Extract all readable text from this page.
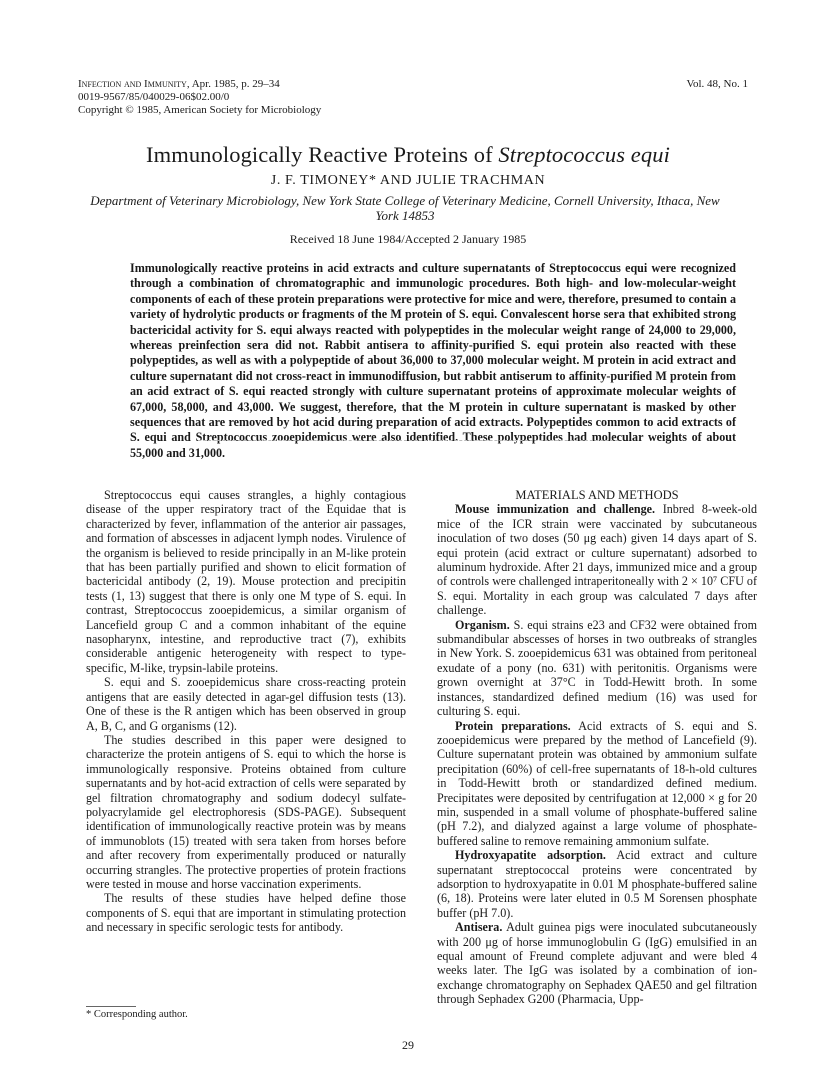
Infection and Immunity, Apr. 1985, p. 29–34
0019-9567/85/040029-06$02.00/0
Copyright © 1985, American Society for Microbiology
Vol. 48, No. 1
Immunologically Reactive Proteins of Streptococcus equi
J. F. TIMONEY* AND JULIE TRACHMAN
Department of Veterinary Microbiology, New York State College of Veterinary Medicine, Cornell University, Ithaca, New York 14853
Received 18 June 1984/Accepted 2 January 1985

Immunologically reactive proteins in acid extracts and culture supernatants of Streptococcus equi were recognized through a combination of chromatographic and immunologic procedures. Both high- and low-molecular-weight components of each of these protein preparations were protective for mice and were, therefore, presumed to contain a variety of hydrolytic products or fragments of the M protein of S. equi. Convalescent horse sera that exhibited strong bactericidal activity for S. equi always reacted with polypeptides in the molecular weight range of 24,000 to 29,000, whereas preinfection sera did not. Rabbit antisera to affinity-purified S. equi protein also reacted with these polypeptides, as well as with a polypeptide of about 36,000 to 37,000 molecular weight. M protein in acid extract and culture supernatant did not cross-react in immunodiffusion, but rabbit antiserum to affinity-purified M protein from an acid extract of S. equi reacted strongly with culture supernatant proteins of approximate molecular weights of 67,000, 58,000, and 43,000. We suggest, therefore, that the M protein in culture supernatant is masked by other sequences that are removed by hot acid during preparation of acid extracts. Polypeptides common to acid extracts of S. equi and Streptococcus zooepidemicus were also identified. These polypeptides had molecular weights of about 55,000 and 31,000.

Streptococcus equi causes strangles, a highly contagious disease of the upper respiratory tract of the Equidae that is characterized by fever, inflammation of the anterior air passages, and formation of abscesses in adjacent lymph nodes. Virulence of the organism is believed to reside principally in an M-like protein that has been partially purified and shown to elicit formation of bactericidal antibody (2, 19). Mouse protection and precipitin tests (1, 13) suggest that there is only one M type of S. equi. In contrast, Streptococcus zooepidemicus, a similar organism of Lancefield group C and a common inhabitant of the equine nasopharynx, intestine, and reproductive tract (7), exhibits considerable antigenic heterogeneity with respect to type-specific, M-like, trypsin-labile proteins.

S. equi and S. zooepidemicus share cross-reacting protein antigens that are easily detected in agar-gel diffusion tests (13). One of these is the R antigen which has been observed in group A, B, C, and G organisms (12).

The studies described in this paper were designed to characterize the protein antigens of S. equi to which the horse is immunologically responsive. Proteins obtained from culture supernatants and by hot-acid extraction of cells were separated by gel filtration chromatography and sodium dodecyl sulfate-polyacrylamide gel electrophoresis (SDS-PAGE). Subsequent identification of immunologically reactive protein was by means of immunoblots (15) treated with sera taken from horses before and after recovery from experimentally produced or naturally occurring strangles. The protective properties of protein fractions were tested in mouse and horse vaccination experiments.

The results of these studies have helped define those components of S. equi that are important in stimulating protection and necessary in specific serologic tests for antibody.

MATERIALS AND METHODS

Mouse immunization and challenge. Inbred 8-week-old mice of the ICR strain were vaccinated by subcutaneous inoculation of two doses (50 μg each) given 14 days apart of S. equi protein (acid extract or culture supernatant) adsorbed to aluminum hydroxide. After 21 days, immunized mice and a group of controls were challenged intraperitoneally with 2 × 10⁷ CFU of S. equi. Mortality in each group was calculated 7 days after challenge.

Organism. S. equi strains e23 and CF32 were obtained from submandibular abscesses of horses in two outbreaks of strangles in New York. S. zooepidemicus 631 was obtained from peritoneal exudate of a pony (no. 631) with peritonitis. Organisms were grown overnight at 37°C in Todd-Hewitt broth. In some instances, standardized defined medium (16) was used for culturing S. equi.

Protein preparations. Acid extracts of S. equi and S. zooepidemicus were prepared by the method of Lancefield (9). Culture supernatant protein was obtained by ammonium sulfate precipitation (60%) of cell-free supernatants of 18-h-old cultures in Todd-Hewitt broth or standardized defined medium. Precipitates were deposited by centrifugation at 12,000 × g for 20 min, suspended in a small volume of phosphate-buffered saline (pH 7.2), and dialyzed against a large volume of phosphate-buffered saline to remove remaining ammonium sulfate.

Hydroxyapatite adsorption. Acid extract and culture supernatant streptococcal proteins were concentrated by adsorption to hydroxyapatite in 0.01 M phosphate-buffered saline (6, 18). Proteins were later eluted in 0.5 M Sorensen phosphate buffer (pH 7.0).

Antisera. Adult guinea pigs were inoculated subcutaneously with 200 μg of horse immunoglobulin G (IgG) emulsified in an equal amount of Freund complete adjuvant and were bled 4 weeks later. The IgG was isolated by a combination of ion-exchange chromatography on Sephadex QAE50 and gel filtration through Sephadex G200 (Pharmacia, Upp-

* Corresponding author.
29
